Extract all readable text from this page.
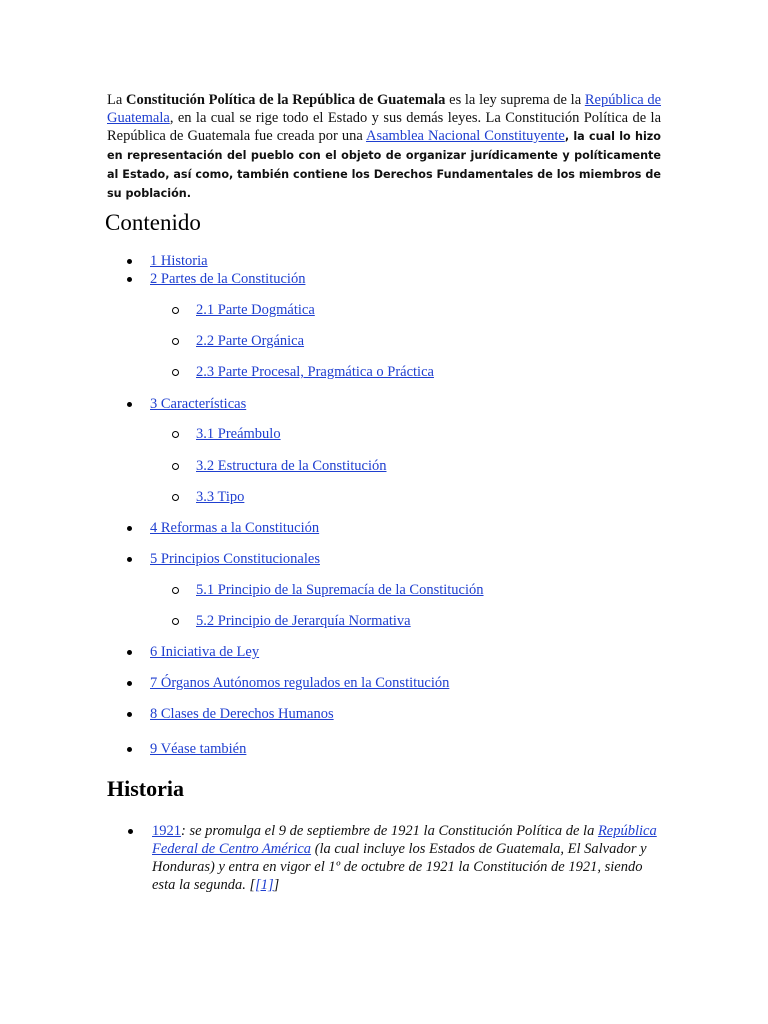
La Constitución Política de la República de Guatemala es la ley suprema de la República de Guatemala, en la cual se rige todo el Estado y sus demás leyes. La Constitución Política de la República de Guatemala fue creada por una Asamblea Nacional Constituyente, la cual lo hizo en representación del pueblo con el objeto de organizar jurídicamente y políticamente al Estado, así como, también contiene los Derechos Fundamentales de los miembros de su población.

Contenido
1 Historia
2 Partes de la Constitución
2.1 Parte Dogmática
2.2 Parte Orgánica
2.3 Parte Procesal, Pragmática o Práctica
3 Características
3.1 Preámbulo
3.2 Estructura de la Constitución
3.3 Tipo
4 Reformas a la Constitución
5 Principios Constitucionales
5.1 Principio de la Supremacía de la Constitución
5.2 Principio de Jerarquía Normativa
6 Iniciativa de Ley
7 Órganos Autónomos regulados en la Constitución
8 Clases de Derechos Humanos
9 Véase también
Historia

1921: se promulga el 9 de septiembre de 1921 la Constitución Política de la República Federal de Centro América (la cual incluye los Estados de Guatemala, El Salvador y Honduras) y entra en vigor el 1º de octubre de 1921 la Constitución de 1921, siendo esta la segunda. [[1]]
